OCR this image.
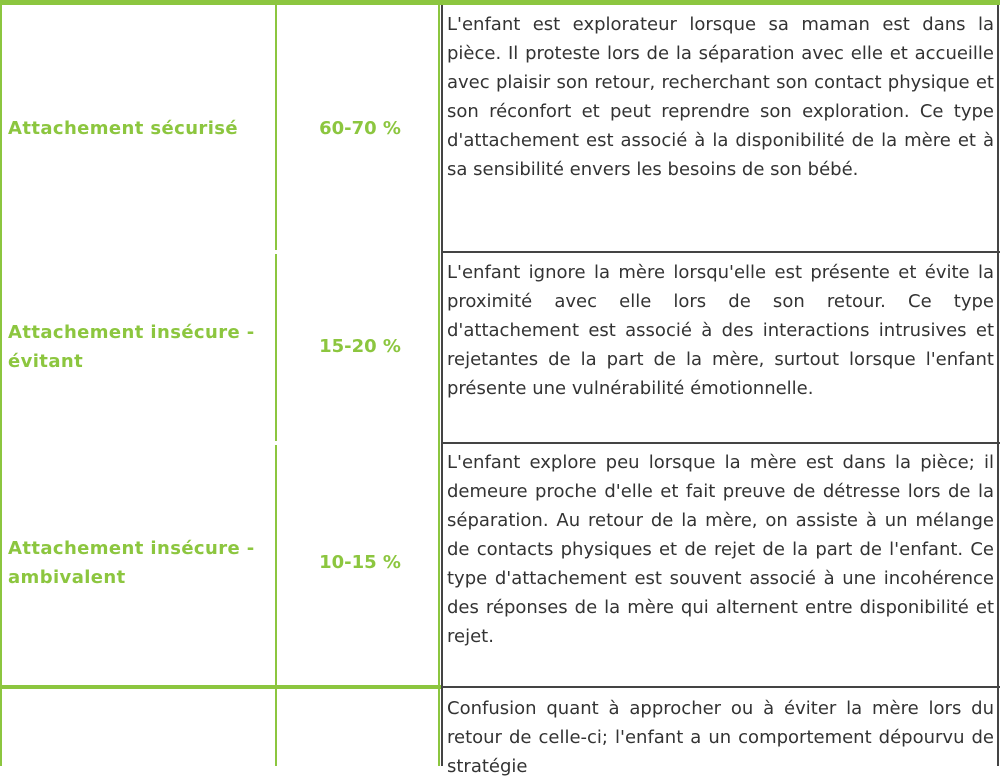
Attachement sécurisé	60-70 %

L'enfant est explorateur lorsque sa maman est dans la pièce. Il proteste lors de la séparation avec elle et accueille avec plaisir son retour, recherchant son contact physique et son réconfort et peut reprendre son exploration. Ce type d'attachement est associé à la disponibilité de la mère et à sa sensibilité envers les besoins de son bébé.

Attachement insécure - évitant
15-20 %

L'enfant ignore la mère lorsqu'elle est présente et évite la proximité avec elle lors de son retour. Ce type d'attachement est associé à des interactions intrusives et rejetantes de la part de la mère, surtout lorsque l'enfant présente une vulnérabilité émotionnelle.

Attachement insécure - ambivalent
10-15 %

L'enfant explore peu lorsque la mère est dans la pièce; il demeure proche d'elle et fait preuve de détresse lors de la séparation. Au retour de la mère, on assiste à un mélange de contacts physiques et de rejet de la part de l'enfant. Ce type d'attachement est souvent associé à une incohérence des réponses de la mère qui alternent entre disponibilité et rejet.

Confusion quant à approcher ou à éviter la mère lors du retour de celle-ci; l'enfant a un comportement dépourvu de stratégie
